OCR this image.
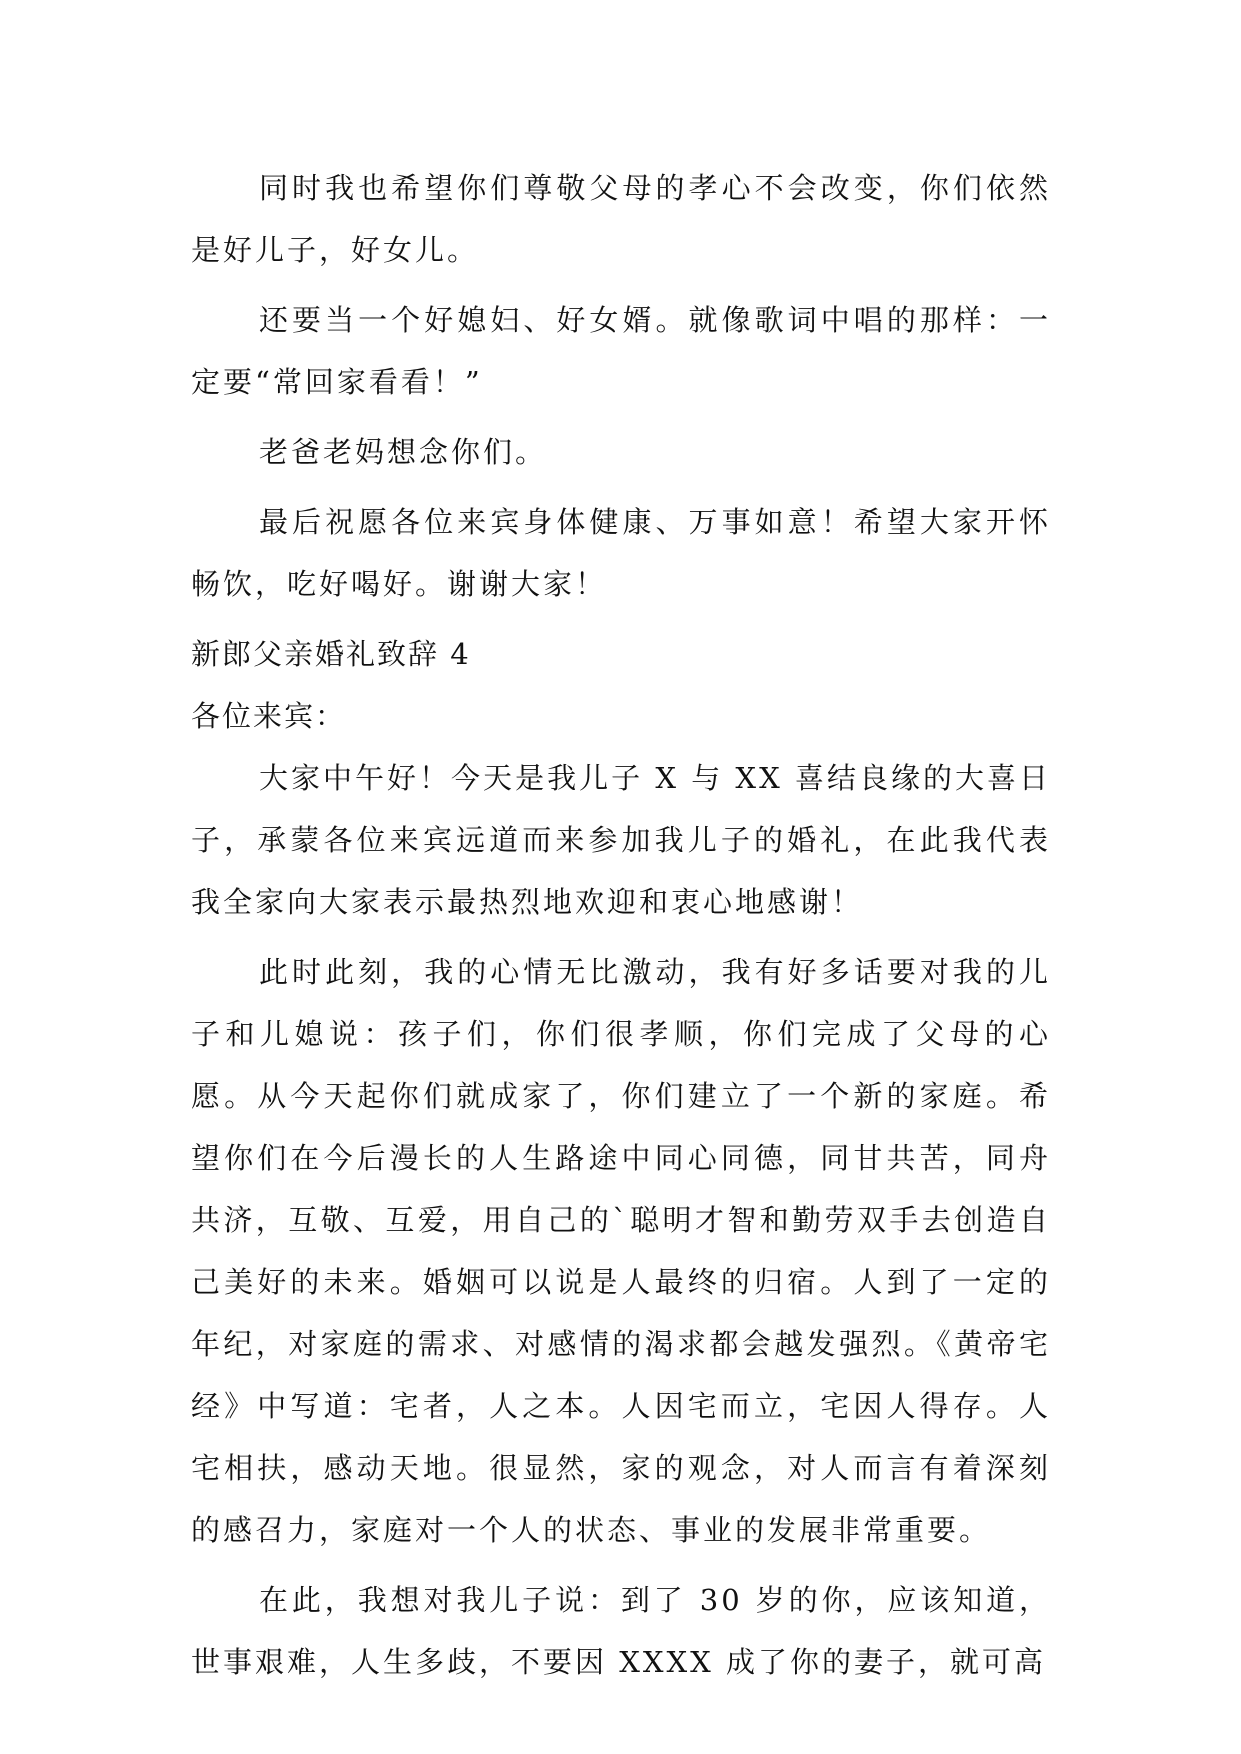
同时我也希望你们尊敬父母的孝心不会改变，你们依然是好儿子，好女儿。

还要当一个好媳妇、好女婿。就像歌词中唱的那样：一定要“常回家看看！”

老爸老妈想念你们。

最后祝愿各位来宾身体健康、万事如意！希望大家开怀畅饮，吃好喝好。谢谢大家！

新郎父亲婚礼致辞 4

各位来宾：

大家中午好！今天是我儿子 X 与 XX 喜结良缘的大喜日子，承蒙各位来宾远道而来参加我儿子的婚礼，在此我代表我全家向大家表示最热烈地欢迎和衷心地感谢！

此时此刻，我的心情无比激动，我有好多话要对我的儿子和儿媳说：孩子们，你们很孝顺，你们完成了父母的心愿。从今天起你们就成家了，你们建立了一个新的家庭。希望你们在今后漫长的人生路途中同心同德，同甘共苦，同舟共济，互敬、互爱，用自己的`聪明才智和勤劳双手去创造自己美好的未来。婚姻可以说是人最终的归宿。人到了一定的年纪，对家庭的需求、对感情的渴求都会越发强烈。《黄帝宅经》中写道：宅者，人之本。人因宅而立，宅因人得存。人宅相扶，感动天地。很显然，家的观念，对人而言有着深刻的感召力，家庭对一个人的状态、事业的发展非常重要。

在此，我想对我儿子说：到了 30 岁的你，应该知道，世事艰难，人生多歧，不要因 XXXX 成了你的妻子，就可高
